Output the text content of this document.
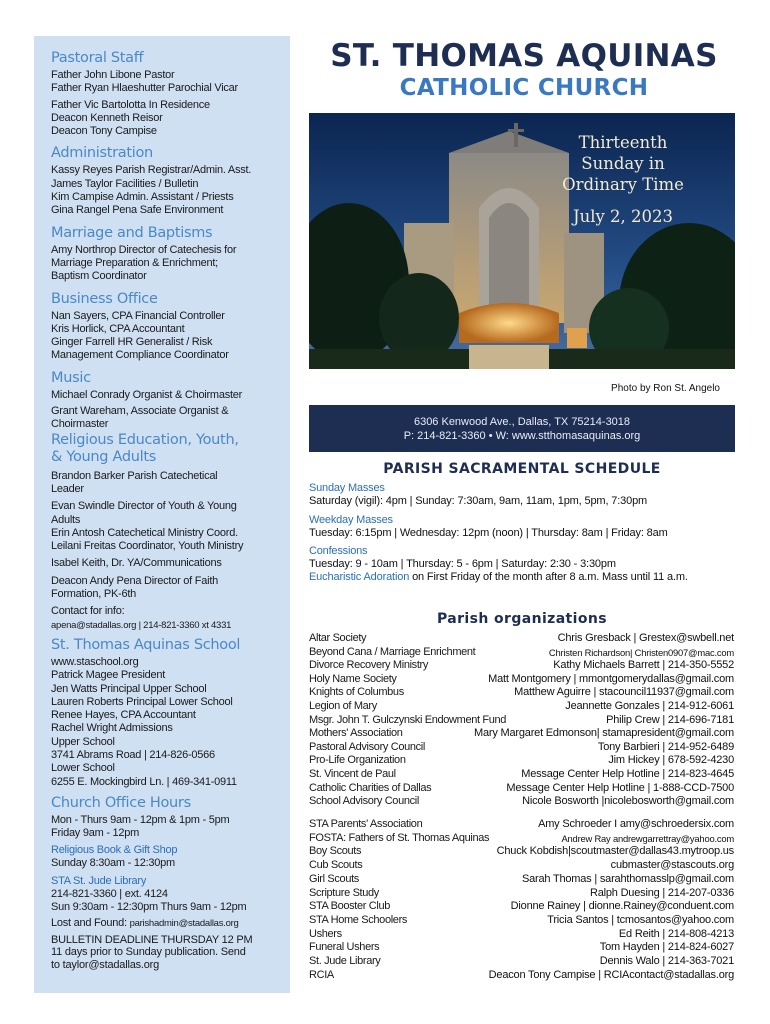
Pastoral Staff
Father John Libone Pastor
Father Ryan Hlaeshutter Parochial Vicar
Father Vic Bartolotta In Residence
Deacon Kenneth Reisor
Deacon Tony Campise
Administration
Kassy Reyes Parish Registrar/Admin. Asst.
James Taylor Facilities / Bulletin
Kim Campise Admin. Assistant / Priests
Gina Rangel Pena Safe Environment
Marriage and Baptisms
Amy Northrop Director of Catechesis for
Marriage Preparation & Enrichment;
Baptism Coordinator
Business Office
Nan Sayers, CPA Financial Controller
Kris Horlick, CPA Accountant
Ginger Farrell HR Generalist / Risk
Management Compliance Coordinator
Music
Michael Conrady Organist & Choirmaster
Grant Wareham, Associate Organist &
Choirmaster
Religious Education, Youth,
& Young Adults
Brandon Barker Parish Catechetical
Leader
Evan Swindle Director of Youth & Young
Adults
Erin Antosh Catechetical Ministry Coord.
Leilani Freitas Coordinator, Youth Ministry
Isabel Keith, Dr. YA/Communications
Deacon Andy Pena Director of Faith
Formation, PK-6th
Contact for info:
apena@stadallas.org | 214-821-3360 xt 4331
St. Thomas Aquinas School
www.staschool.org
Patrick Magee President
Jen Watts Principal Upper School
Lauren Roberts Principal Lower School
Renee Hayes, CPA Accountant
Rachel Wright Admissions
Upper School
3741 Abrams Road | 214-826-0566
Lower School
6255 E. Mockingbird Ln. | 469-341-0911
Church Office Hours
Mon - Thurs 9am - 12pm & 1pm - 5pm
Friday 9am - 12pm
Religious Book & Gift Shop
Sunday 8:30am - 12:30pm
STA St. Jude Library
214-821-3360 | ext. 4124
Sun 9:30am - 12:30pm Thurs 9am - 12pm
Lost and Found: parishadmin@stadallas.org
BULLETIN DEADLINE THURSDAY 12 PM
11 days prior to Sunday publication. Send
to taylor@stadallas.org
ST. THOMAS AQUINAS
CATHOLIC CHURCH
Thirteenth
Sunday in
Ordinary Time
July 2, 2023
Photo by Ron St. Angelo
6306 Kenwood Ave., Dallas, TX 75214-3018
P: 214-821-3360 • W: www.stthomasaquinas.org
PARISH SACRAMENTAL SCHEDULE
Sunday Masses
Saturday (vigil): 4pm | Sunday: 7:30am, 9am, 11am, 1pm, 5pm, 7:30pm
Weekday Masses
Tuesday: 6:15pm | Wednesday: 12pm (noon) | Thursday: 8am | Friday: 8am
Confessions
Tuesday: 9 - 10am | Thursday: 5 - 6pm | Saturday: 2:30 - 3:30pm
Eucharistic Adoration on First Friday of the month after 8 a.m. Mass until 11 a.m.
Parish organizations
Altar Society	Chris Gresback | Grestex@swbell.net
Beyond Cana / Marriage Enrichment	Christen Richardson| Christen0907@mac.com
Divorce Recovery Ministry	Kathy Michaels Barrett | 214-350-5552
Holy Name Society	Matt Montgomery | mmontgomerydallas@gmail.com
Knights of Columbus	Matthew Aguirre | stacouncil11937@gmail.com
Legion of Mary	Jeannette Gonzales | 214-912-6061
Msgr. John T. Gulczynski Endowment Fund	Philip Crew | 214-696-7181
Mothers' Association	Mary Margaret Edmonson| stamapresident@gmail.com
Pastoral Advisory Council	Tony Barbieri | 214-952-6489
Pro-Life Organization	Jim Hickey | 678-592-4230
St. Vincent de Paul	Message Center Help Hotline | 214-823-4645
Catholic Charities of Dallas	Message Center Help Hotline | 1-888-CCD-7500
School Advisory Council	Nicole Bosworth |nicolebosworth@gmail.com
STA Parents' Association	Amy Schroeder I amy@schroedersix.com
FOSTA: Fathers of St. Thomas Aquinas	Andrew Ray andrewgarrettray@yahoo.com
Boy Scouts	Chuck Kobdish|scoutmaster@dallas43.mytroop.us
Cub Scouts	cubmaster@stascouts.org
Girl Scouts	Sarah Thomas | sarahthomasslp@gmail.com
Scripture Study	Ralph Duesing | 214-207-0336
STA Booster Club	Dionne Rainey | dionne.Rainey@conduent.com
STA Home Schoolers	Tricia Santos | tcmosantos@yahoo.com
Ushers	Ed Reith | 214-808-4213
Funeral Ushers	Tom Hayden | 214-824-6027
St. Jude Library	Dennis Walo | 214-363-7021
RCIA	Deacon Tony Campise | RCIAcontact@stadallas.org
